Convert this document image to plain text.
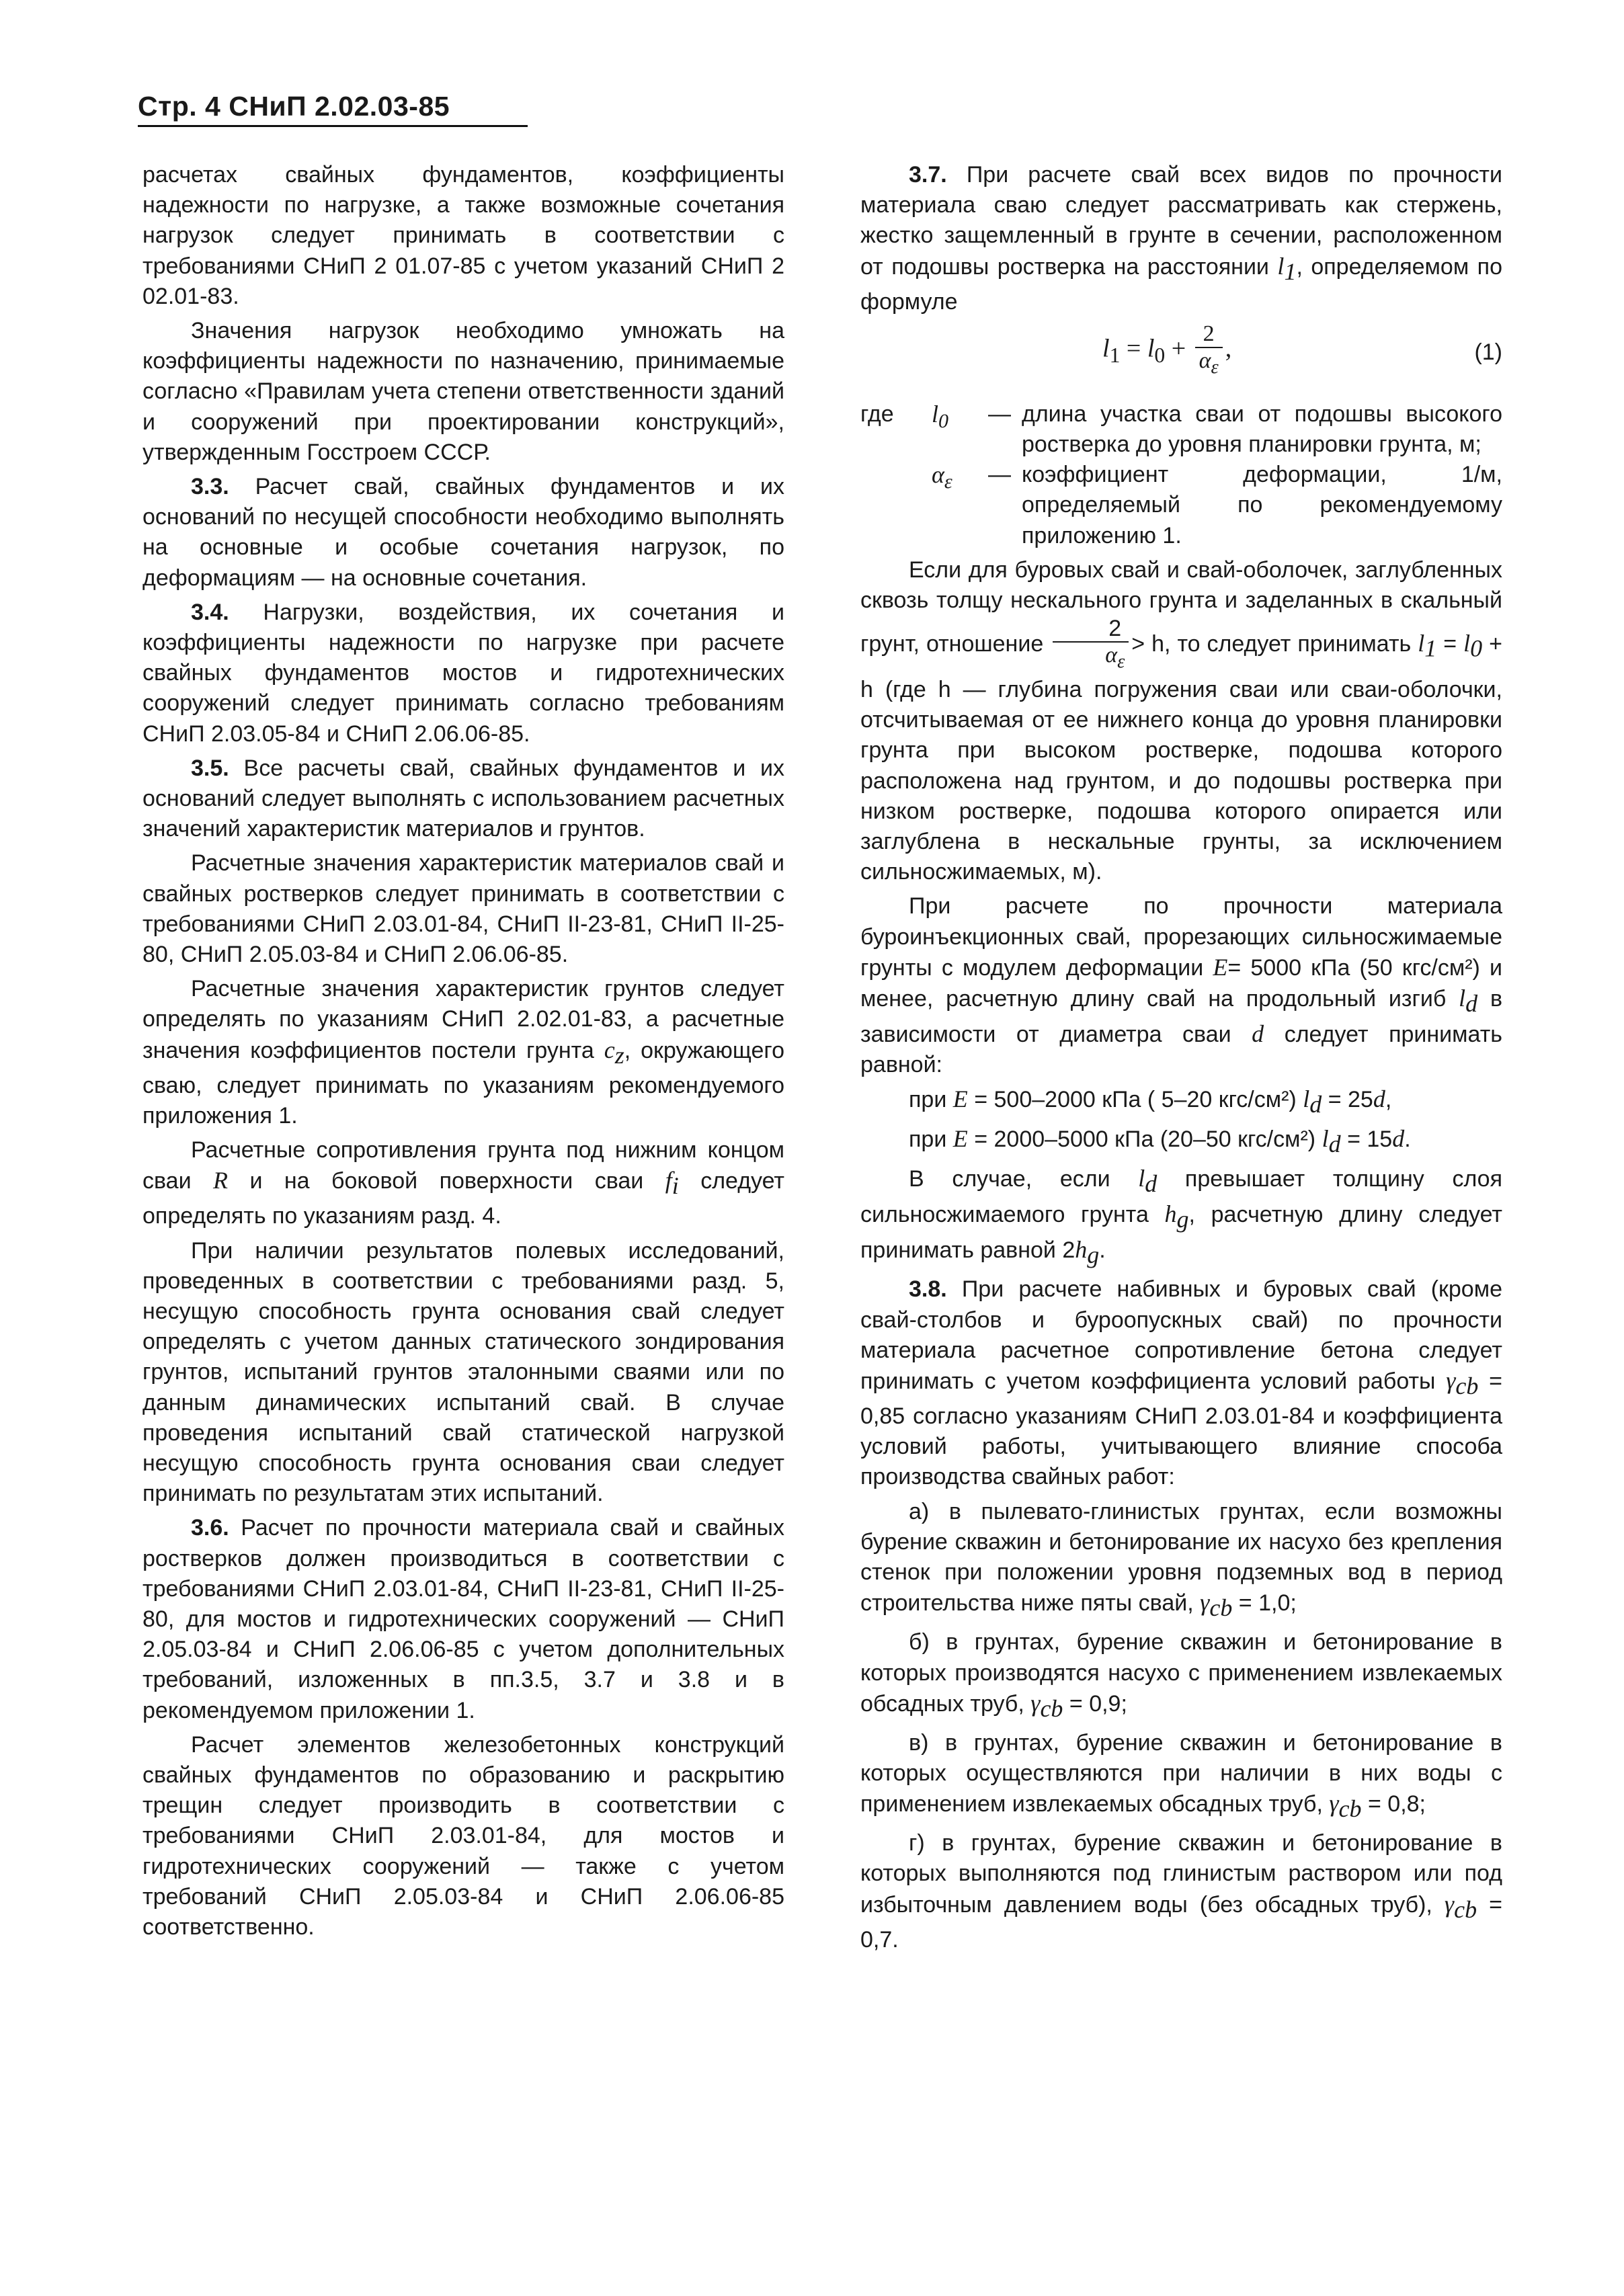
Стр. 4 СНиП 2.02.03-85

расчетах свайных фундаментов, коэффициенты надежности по нагрузке, а также возможные сочетания нагрузок следует принимать в соответствии с требованиями СНиП 2 01.07-85 с учетом указаний СНиП 2 02.01-83.

Значения нагрузок необходимо умножать на коэффициенты надежности по назначению, принимаемые согласно «Правилам учета степени ответственности зданий и сооружений при проектировании конструкций», утвержденным Госстроем СССР.

3.3. Расчет свай, свайных фундаментов и их оснований по несущей способности необходимо выполнять на основные и особые сочетания нагрузок, по деформациям — на основные сочетания.

3.4. Нагрузки, воздействия, их сочетания и коэффициенты надежности по нагрузке при расчете свайных фундаментов мостов и гидротехнических сооружений следует принимать согласно требованиям СНиП 2.03.05-84 и СНиП 2.06.06-85.

3.5. Все расчеты свай, свайных фундаментов и их оснований следует выполнять с использованием расчетных значений характеристик материалов и грунтов.

Расчетные значения характеристик материалов свай и свайных ростверков следует принимать в соответствии с требованиями СНиП 2.03.01-84, СНиП II-23-81, СНиП II-25-80, СНиП 2.05.03-84 и СНиП 2.06.06-85.

Расчетные значения характеристик грунтов следует определять по указаниям СНиП 2.02.01-83, а расчетные значения коэффициентов постели грунта $c_z$, окружающего сваю, следует принимать по указаниям рекомендуемого приложения 1.

Расчетные сопротивления грунта под нижним концом сваи R и на боковой поверхности сваи $f_i$ следует определять по указаниям разд. 4.

При наличии результатов полевых исследований, проведенных в соответствии с требованиями разд. 5, несущую способность грунта основания свай следует определять с учетом данных статического зондирования грунтов, испытаний грунтов эталонными сваями или по данным динамических испытаний свай. В случае проведения испытаний свай статической нагрузкой несущую способность грунта основания сваи следует принимать по результатам этих испытаний.

3.6. Расчет по прочности материала свай и свайных ростверков должен производиться в соответствии с требованиями СНиП 2.03.01-84, СНиП II-23-81, СНиП II-25-80, для мостов и гидротехнических сооружений — СНиП 2.05.03-84 и СНиП 2.06.06-85 с учетом дополнительных требований, изложенных в пп.3.5, 3.7 и 3.8 и в рекомендуемом приложении 1.

Расчет элементов железобетонных конструкций свайных фундаментов по образованию и раскрытию трещин следует производить в соответствии с требованиями СНиП 2.03.01-84, для мостов и гидротехнических сооружений — также с учетом требований СНиП 2.05.03-84 и СНиП 2.06.06-85 соответственно.

3.7. При расчете свай всех видов по прочности материала сваю следует рассматривать как стержень, жестко защемленный в грунте в сечении, расположенном от подошвы ростверка на расстоянии $l_1$, определяемом по формуле

$l_1 = l_0 + \frac{2}{\alpha_\varepsilon}$ ,	(1)
где	$l_0$	— длина участка сваи от подошвы высокого ростверка до уровня планировки грунта, м;
$\alpha_\varepsilon$	— коэффициент деформации, 1/м, определяемый по рекомендуемому приложению 1.

Если для буровых свай и свай-оболочек, заглубленных сквозь толщу нескального грунта и заделанных в скальный грунт, отношение $\frac{2}{\alpha_\varepsilon} > h$, то следует принимать $l_1 = l_0 + h$ (где h — глубина погружения сваи или сваи-оболочки, отсчитываемая от ее нижнего конца до уровня планировки грунта при высоком ростверке, подошва которого расположена над грунтом, и до подошвы ростверка при низком ростверке, подошва которого опирается или заглублена в нескальные грунты, за исключением сильносжимаемых, м).

При расчете по прочности материала буроинъекционных свай, прорезающих сильносжимаемые грунты с модулем деформации E= 5000 кПа (50 кгс/см²) и менее, расчетную длину свай на продольный изгиб $l_d$ в зависимости от диаметра сваи d следует принимать равной:

при E = 500–2000 кПа ( 5–20 кгс/см²) $l_d = 25d$,

при E = 2000–5000 кПа (20–50 кгс/см²) $l_d = 15d$.

В случае, если $l_d$ превышает толщину слоя сильносжимаемого грунта $h_g$, расчетную длину следует принимать равной $2h_g$.

3.8. При расчете набивных и буровых свай (кроме свай-столбов и буроопускных свай) по прочности материала расчетное сопротивление бетона следует принимать с учетом коэффициента условий работы $\gamma_{cb} = 0,85$ согласно указаниям СНиП 2.03.01-84 и коэффициента условий работы, учитывающего влияние способа производства свайных работ:

а) в пылевато-глинистых грунтах, если возможны бурение скважин и бетонирование их насухо без крепления стенок при положении уровня подземных вод в период строительства ниже пяты свай, $\gamma_{cb} = 1,0$;

б) в грунтах, бурение скважин и бетонирование в которых производятся насухо с применением извлекаемых обсадных труб, $\gamma_{cb} = 0,9$;

в) в грунтах, бурение скважин и бетонирование в которых осуществляются при наличии в них воды с применением извлекаемых обсадных труб, $\gamma_{cb} = 0,8$;

г) в грунтах, бурение скважин и бетонирование в которых выполняются под глинистым раствором или под избыточным давлением воды (без обсадных труб), $\gamma_{cb} = 0,7$.
